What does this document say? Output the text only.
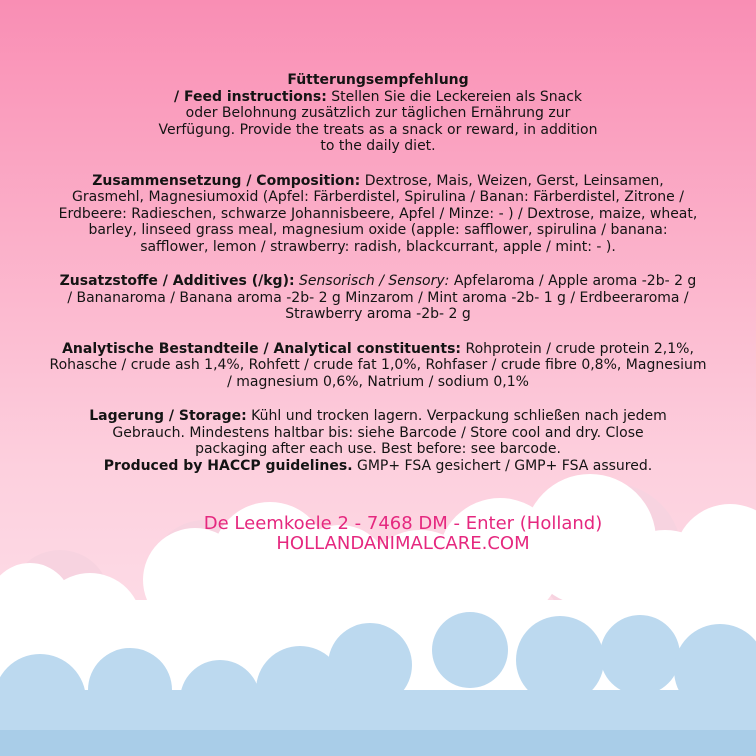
Fütterungsempfehlung
/ Feed instructions: Stellen Sie die Leckereien als Snack oder Belohnung zusätzlich zur täglichen Ernährung zur Verfügung. Provide the treats as a snack or reward, in addition to the daily diet.
Zusammensetzung / Composition: Dextrose, Mais, Weizen, Gerst, Leinsamen, Grasmehl, Magnesiumoxid (Apfel: Färberdistel, Spirulina / Banan: Färberdistel, Zitrone / Erdbeere: Radieschen, schwarze Johannisbeere, Apfel / Minze: - ) / Dextrose, maize, wheat, barley, linseed grass meal, magnesium oxide (apple: safflower, spirulina / banana: safflower, lemon / strawberry: radish, blackcurrant, apple / mint: - ).
Zusatzstoffe / Additives (/kg): Sensorisch / Sensory: Apfelaroma / Apple aroma -2b- 2 g / Bananaroma / Banana aroma -2b- 2 g Minzarom / Mint aroma -2b- 1 g / Erdbeeraroma / Strawberry aroma -2b- 2 g
Analytische Bestandteile / Analytical constituents: Rohprotein / crude protein 2,1%, Rohasche / crude ash 1,4%, Rohfett / crude fat 1,0%, Rohfaser / crude fibre 0,8%, Magnesium / magnesium 0,6%, Natrium / sodium 0,1%
Lagerung / Storage: Kühl und trocken lagern. Verpackung schließen nach jedem Gebrauch. Mindestens haltbar bis: siehe Barcode / Store cool and dry. Close packaging after each use. Best before: see barcode.
Produced by HACCP guidelines. GMP+ FSA gesichert / GMP+ FSA assured.
De Leemkoele 2 - 7468 DM - Enter (Holland)
HOLLANDANIMALCARE.COM
